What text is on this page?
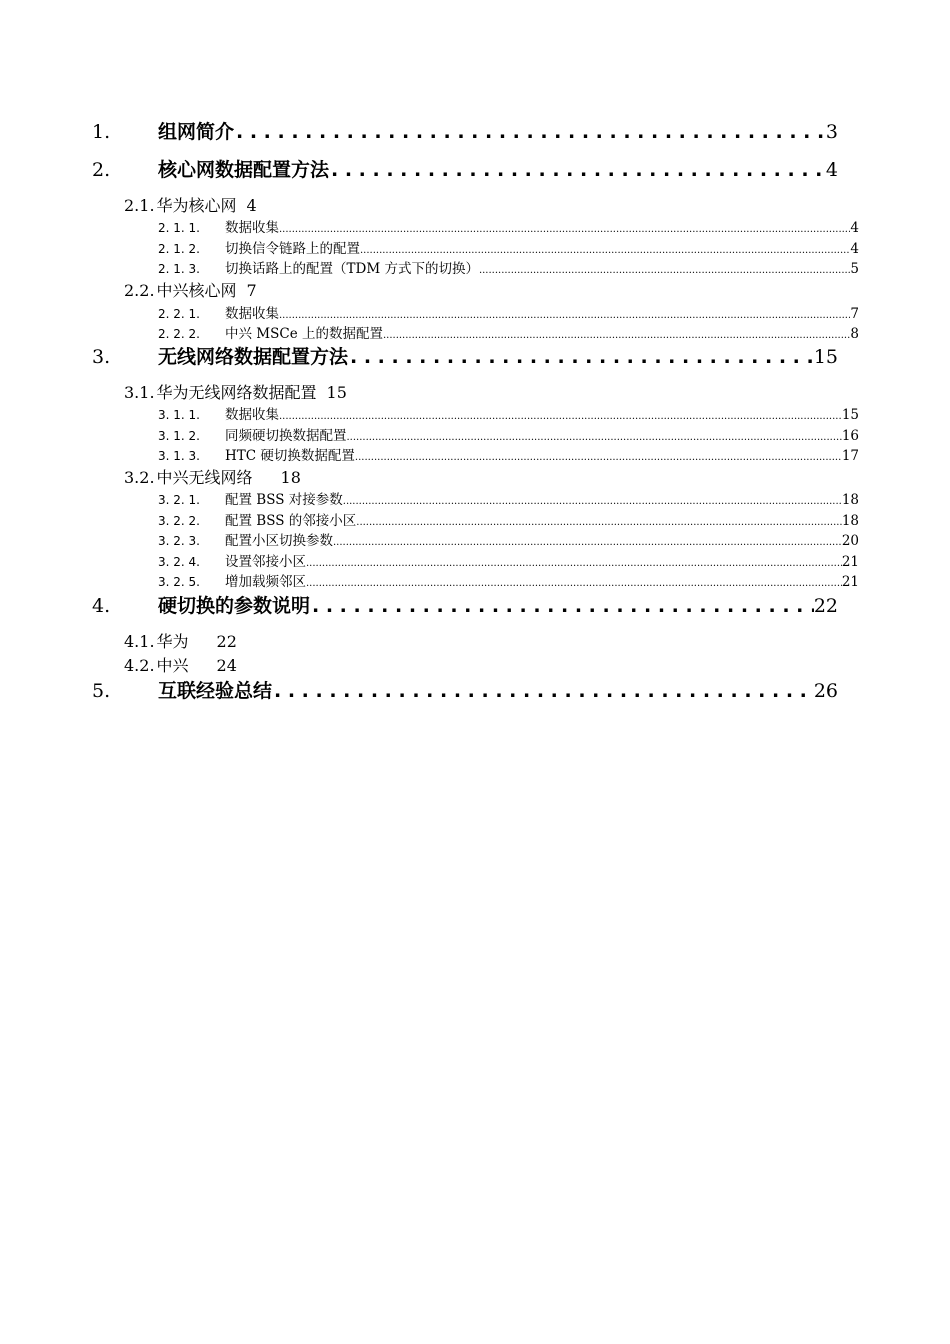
1.	组网简介 . . .	3
2.	核心网数据配置方法 . . .	4
2.1. 华为核心网 4
2. 1. 1.	数据收集 .....	4
2. 1. 2.	切换信令链路上的配置 .....	4
2. 1. 3.	切换话路上的配置（TDM 方式下的切换） .....	5
2.2. 中兴核心网 7
2. 2. 1.	数据收集 .....	7
2. 2. 2.	中兴 MSCe 上的数据配置 .....	8
3.	无线网络数据配置方法 . . .	15
3.1. 华为无线网络数据配置 15
3. 1. 1.	数据收集 .....	15
3. 1. 2.	同频硬切换数据配置 .....	16
3. 1. 3.	HTC 硬切换数据配置 .....	17
3.2. 中兴无线网络 18
3. 2. 1.	配置 BSS 对接参数 .....	18
3. 2. 2.	配置 BSS 的邻接小区 .....	18
3. 2. 3.	配置小区切换参数 .....	20
3. 2. 4.	设置邻接小区 .....	21
3. 2. 5.	增加载频邻区 .....	21
4.	硬切换的参数说明 . . .	22
4.1. 华为 22
4.2. 中兴 24
5.	互联经验总结 . . .	26
